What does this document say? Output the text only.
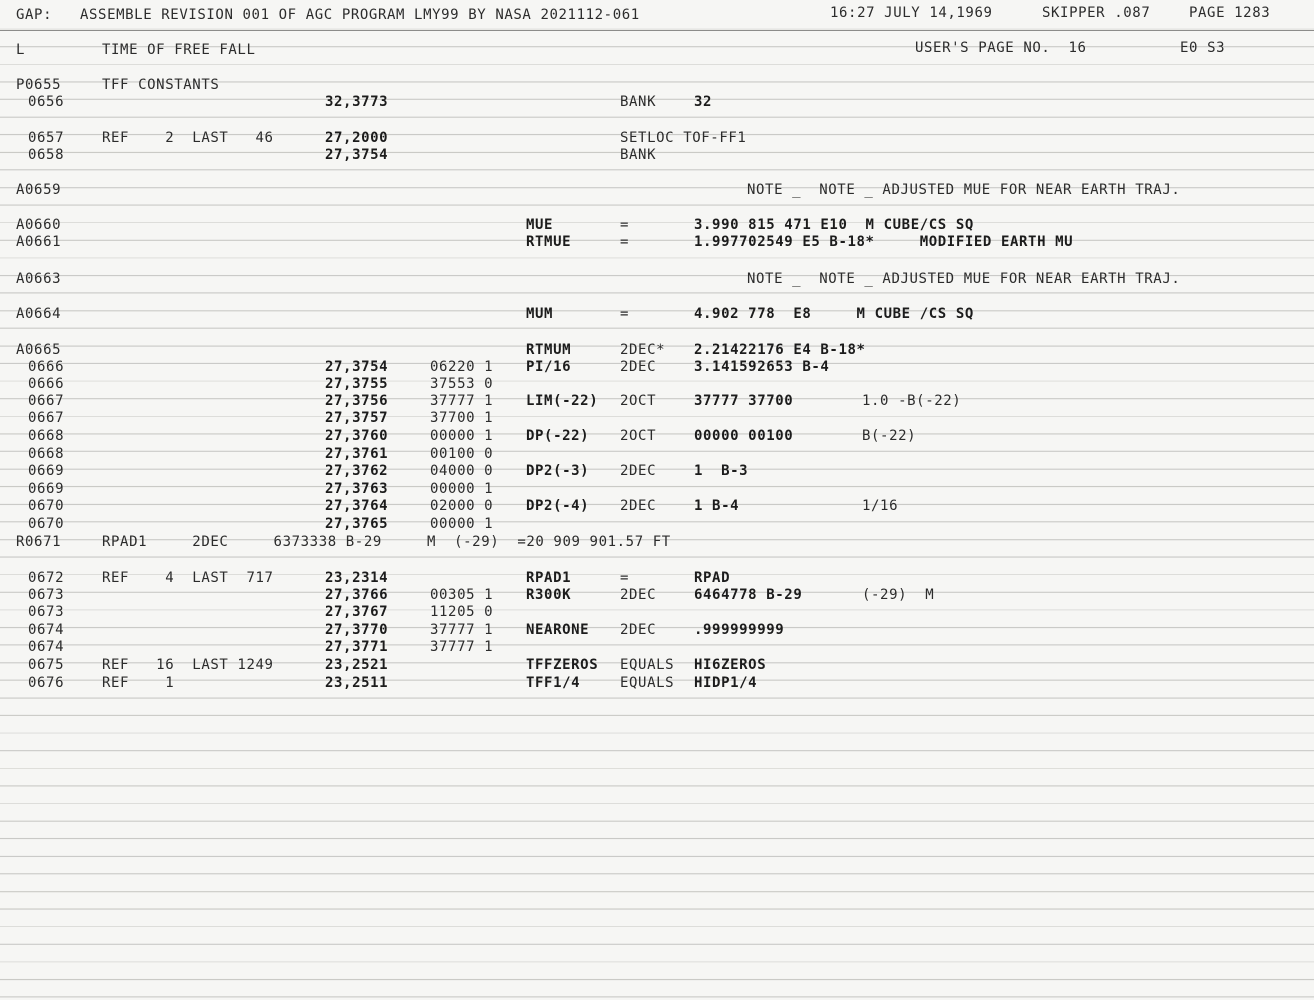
GAP: ASSEMBLE REVISION 001 OF AGC PROGRAM LMY99 BY NASA 2021112-061	16:27 JULY 14,1969	SKIPPER .087	PAGE 1283
L	TIME OF FREE FALL	USER'S PAGE NO.  16	E0 S3
P0655	TFF CONSTANTS
0656	32,3773	BANK	32
0657	REF    2  LAST   46	27,2000	SETLOC TOF-FF1
0658	27,3754	BANK
A0659	NOTE _  NOTE _ ADJUSTED MUE FOR NEAR EARTH TRAJ.
A0660	MUE	=	3.990 815 471 E10  M CUBE/CS SQ
A0661	RTMUE	=	1.997702549 E5 B-18*     MODIFIED EARTH MU
A0663	NOTE _  NOTE _ ADJUSTED MUE FOR NEAR EARTH TRAJ.
A0664	MUM	=	4.902 778  E8     M CUBE /CS SQ
A0665	RTMUM	2DEC* 2.21422176 E4 B-18*
0666	27,3754	06220 1 PI/16	2DEC	3.141592653 B-4
0666	27,3755	37553 0
0667	27,3756	37777 1 LIM(-22) 2OCT	37777 37700	1.0 -B(-22)
0667	27,3757	37700 1
0668	27,3760	00000 1 DP(-22) 2OCT	00000 00100	B(-22)
0668	27,3761	00100 0
0669	27,3762	04000 0 DP2(-3) 2DEC	1  B-3
0669	27,3763	00000 1
0670	27,3764	02000 0 DP2(-4) 2DEC	1 B-4	1/16
0670	27,3765	00000 1
R0671	RPAD1     2DEC     6373338 B-29     M  (-29)  =20 909 901.57 FT
0672	REF    4  LAST  717	23,2314	RPAD1	=	RPAD
0673	27,3766	00305 1 R300K	2DEC	6464778 B-29	(-29)  M
0673	27,3767	11205 0
0674	27,3770	37777 1 NEARONE 2DEC	.999999999
0674	27,3771	37777 1
0675	REF   16  LAST 1249	23,2521	TFFZEROS EQUALS HI6ZEROS
0676	REF    1	23,2511	TFF1/4	EQUALS HIDP1/4
